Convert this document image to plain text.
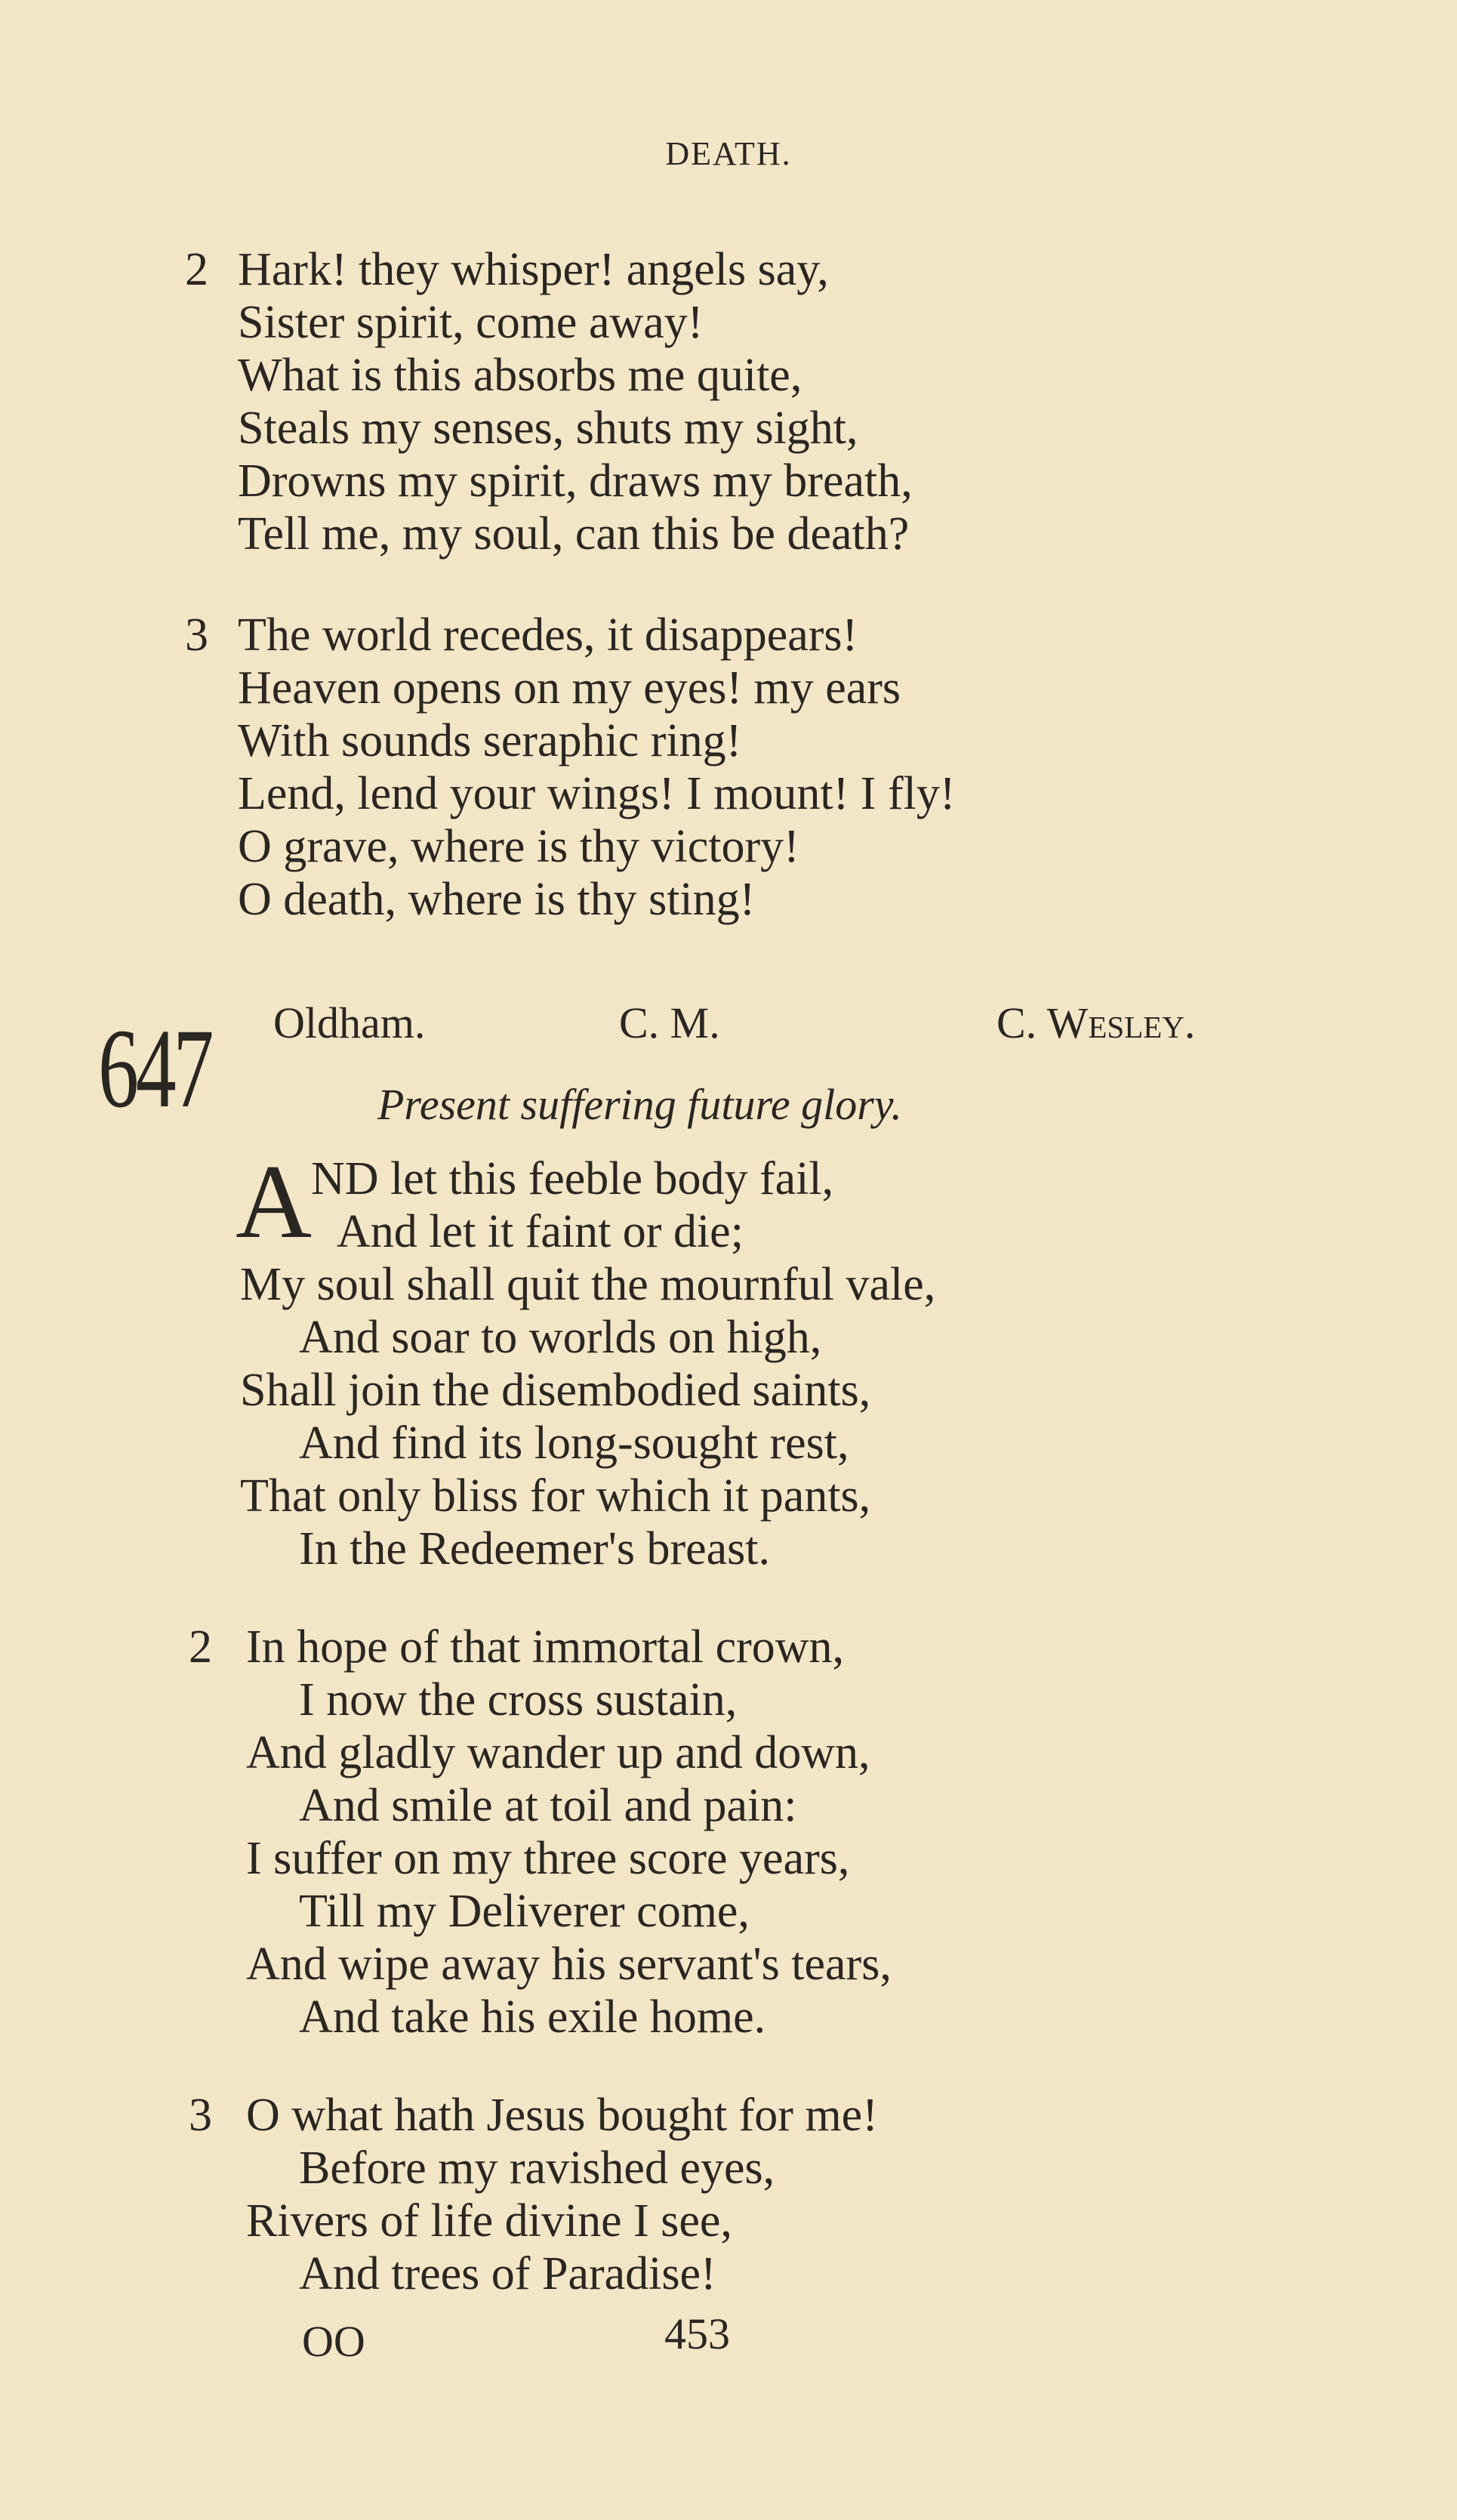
DEATH.
2 Hark! they whisper! angels say,
Sister spirit, come away!
What is this absorbs me quite,
Steals my senses, shuts my sight,
Drowns my spirit, draws my breath,
Tell me, my soul, can this be death?
3 The world recedes, it disappears!
Heaven opens on my eyes! my ears
With sounds seraphic ring!
Lend, lend your wings! I mount! I fly!
O grave, where is thy victory!
O death, where is thy sting!
647 Oldham.	C. M.	C. Wesley.
Present suffering future glory.
A
ND let this feeble body fail,
And let it faint or die;
My soul shall quit the mournful vale,
And soar to worlds on high,
Shall join the disembodied saints,
And find its long-sought rest,
That only bliss for which it pants,
In the Redeemer's breast.
2 In hope of that immortal crown,
I now the cross sustain,
And gladly wander up and down,
And smile at toil and pain:
I suffer on my three score years,
Till my Deliverer come,
And wipe away his servant's tears,
And take his exile home.
3 O what hath Jesus bought for me!
Before my ravished eyes,
Rivers of life divine I see,
And trees of Paradise!
OO	453
